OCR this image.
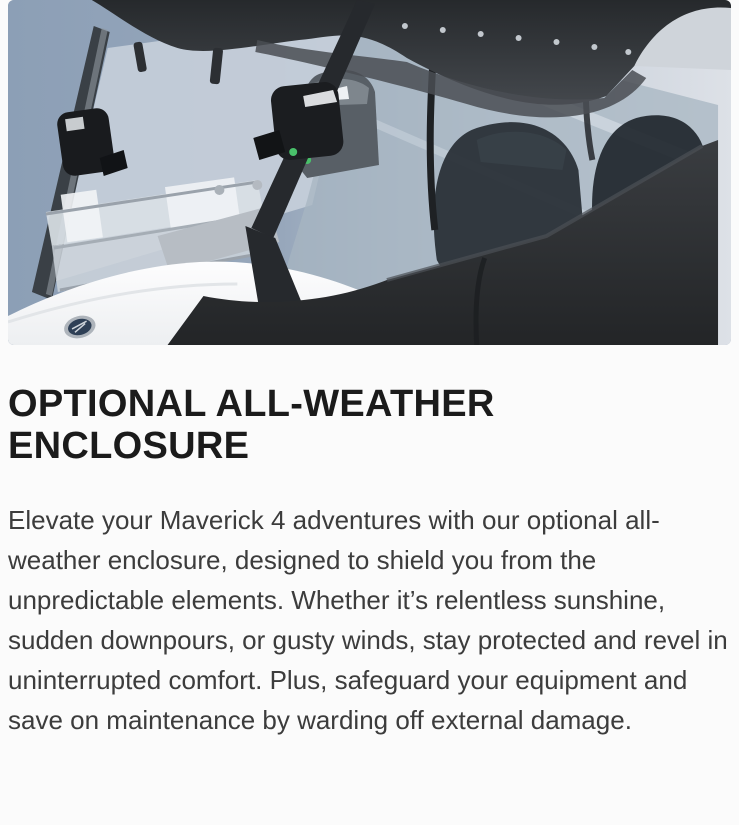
OPTIONAL ALL-WEATHER ENCLOSURE

Elevate your Maverick 4 adventures with our optional all-weather enclosure, designed to shield you from the unpredictable elements. Whether it’s relentless sunshine, sudden downpours, or gusty winds, stay protected and revel in uninterrupted comfort. Plus, safeguard your equipment and save on maintenance by warding off external damage.
